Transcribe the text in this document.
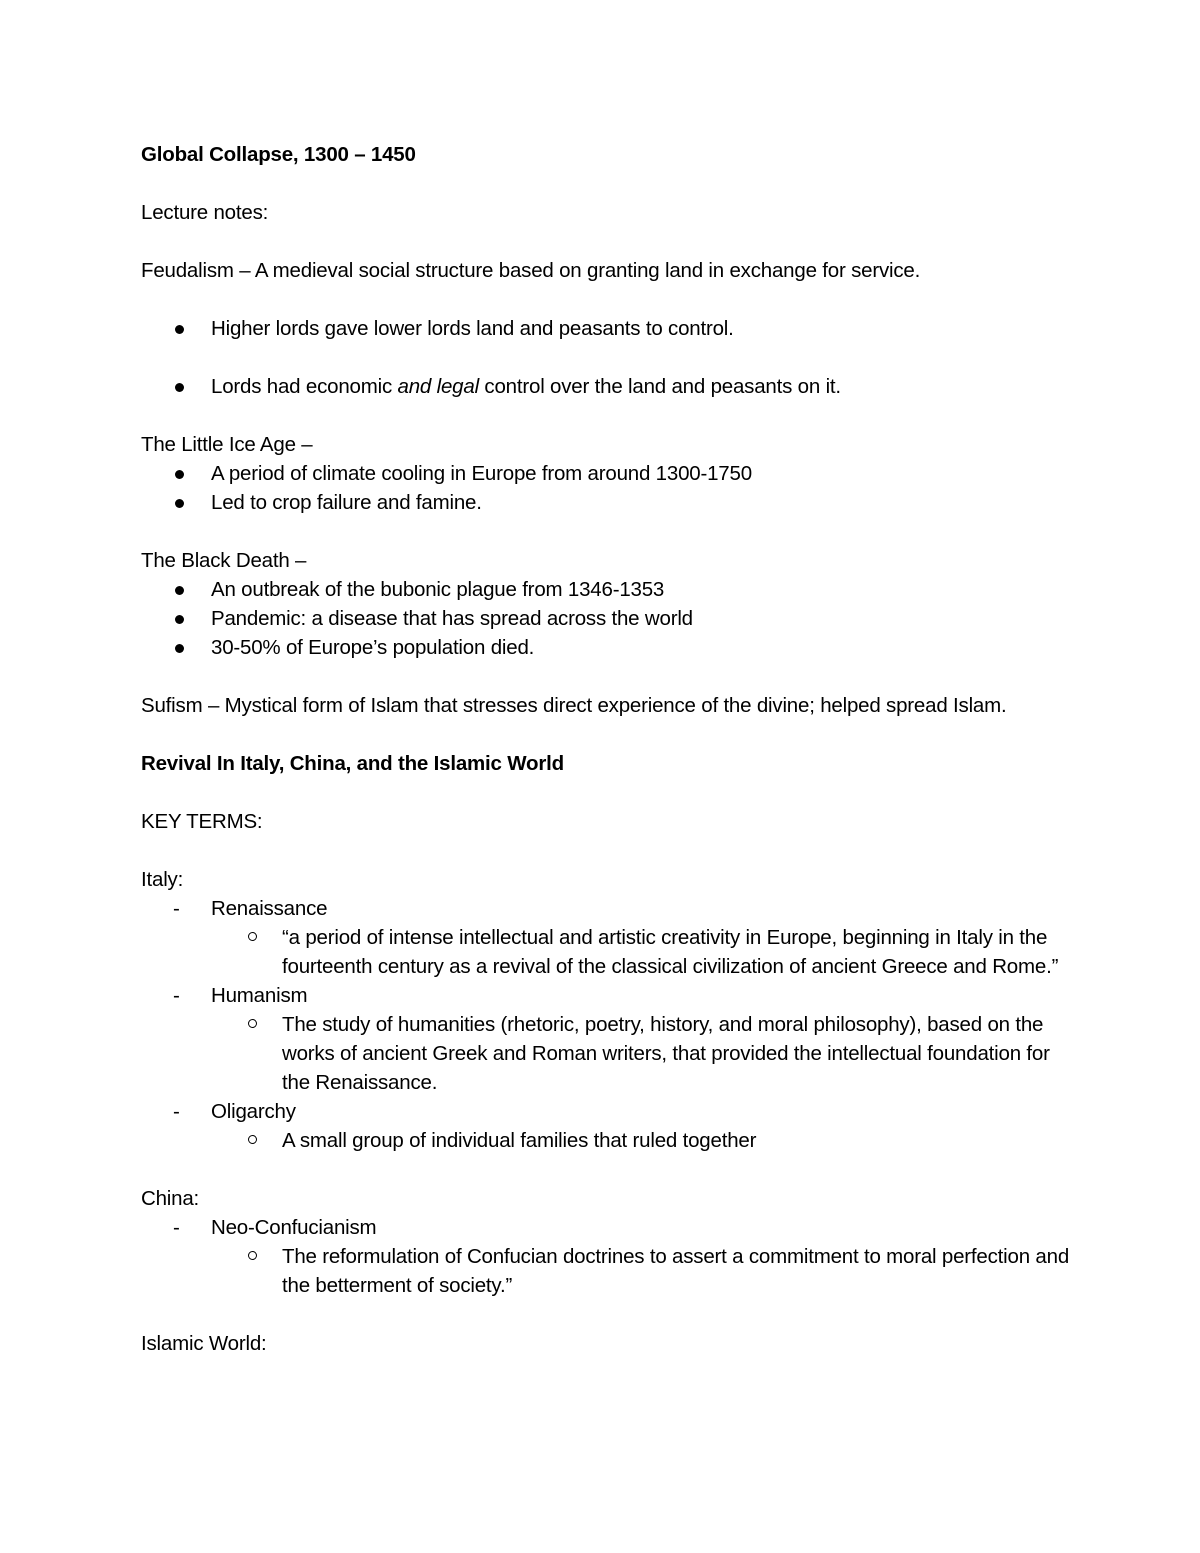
Global Collapse, 1300 – 1450

Lecture notes:

Feudalism – A medieval social structure based on granting land in exchange for service.

Higher lords gave lower lords land and peasants to control.
Lords had economic and legal control over the land and peasants on it.

The Little Ice Age –

A period of climate cooling in Europe from around 1300-1750
Led to crop failure and famine.

The Black Death –

An outbreak of the bubonic plague from 1346-1353
Pandemic: a disease that has spread across the world
30-50% of Europe’s population died.

Sufism – Mystical form of Islam that stresses direct experience of the divine; helped spread Islam.

Revival In Italy, China, and the Islamic World

KEY TERMS:

Italy:

- Renaissance
“a period of intense intellectual and artistic creativity in Europe, beginning in Italy in the fourteenth century as a revival of the classical civilization of ancient Greece and Rome.”
- Humanism
The study of humanities (rhetoric, poetry, history, and moral philosophy), based on the works of ancient Greek and Roman writers, that provided the intellectual foundation for the Renaissance.
- Oligarchy
A small group of individual families that ruled together

China:

- Neo-Confucianism
The reformulation of Confucian doctrines to assert a commitment to moral perfection and the betterment of society.”

Islamic World:
